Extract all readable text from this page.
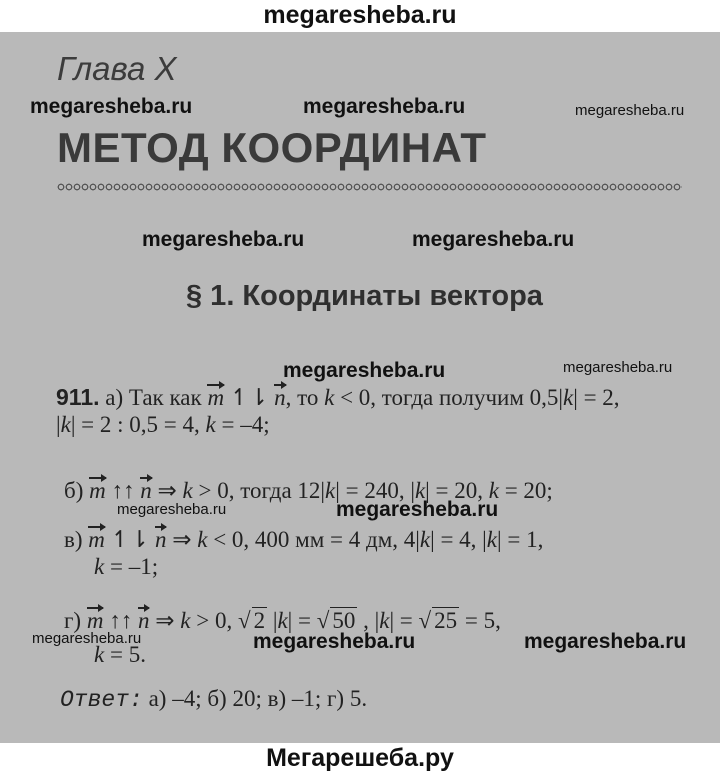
megaresheba.ru
Глава X
megaresheba.ru	megaresheba.ru	megaresheba.ru
МЕТОД КООРДИНАТ
megaresheba.ru	megaresheba.ru
§ 1. Координаты вектора
megaresheba.ru	megaresheba.ru
911. а) Так как m ↿⇂ n, то k < 0, тогда получим 0,5|k| = 2,
|k| = 2 : 0,5 = 4, k = –4;
б) m ↑↑ n ⇒ k > 0, тогда 12|k| = 240, |k| = 20, k = 20;
megaresheba.ru	megaresheba.ru
в) m ↿⇂ n ⇒ k < 0, 400 мм = 4 дм, 4|k| = 4, |k| = 1,
k = –1;
г) m ↑↑ n ⇒ k > 0, √ 2 |k| = √ 50 , |k| = √ 25 = 5,
megaresheba.ru	megaresheba.ru	megaresheba.ru
k = 5.
Ответ: а) –4; б) 20; в) –1; г) 5.
Мегарешеба.ру
